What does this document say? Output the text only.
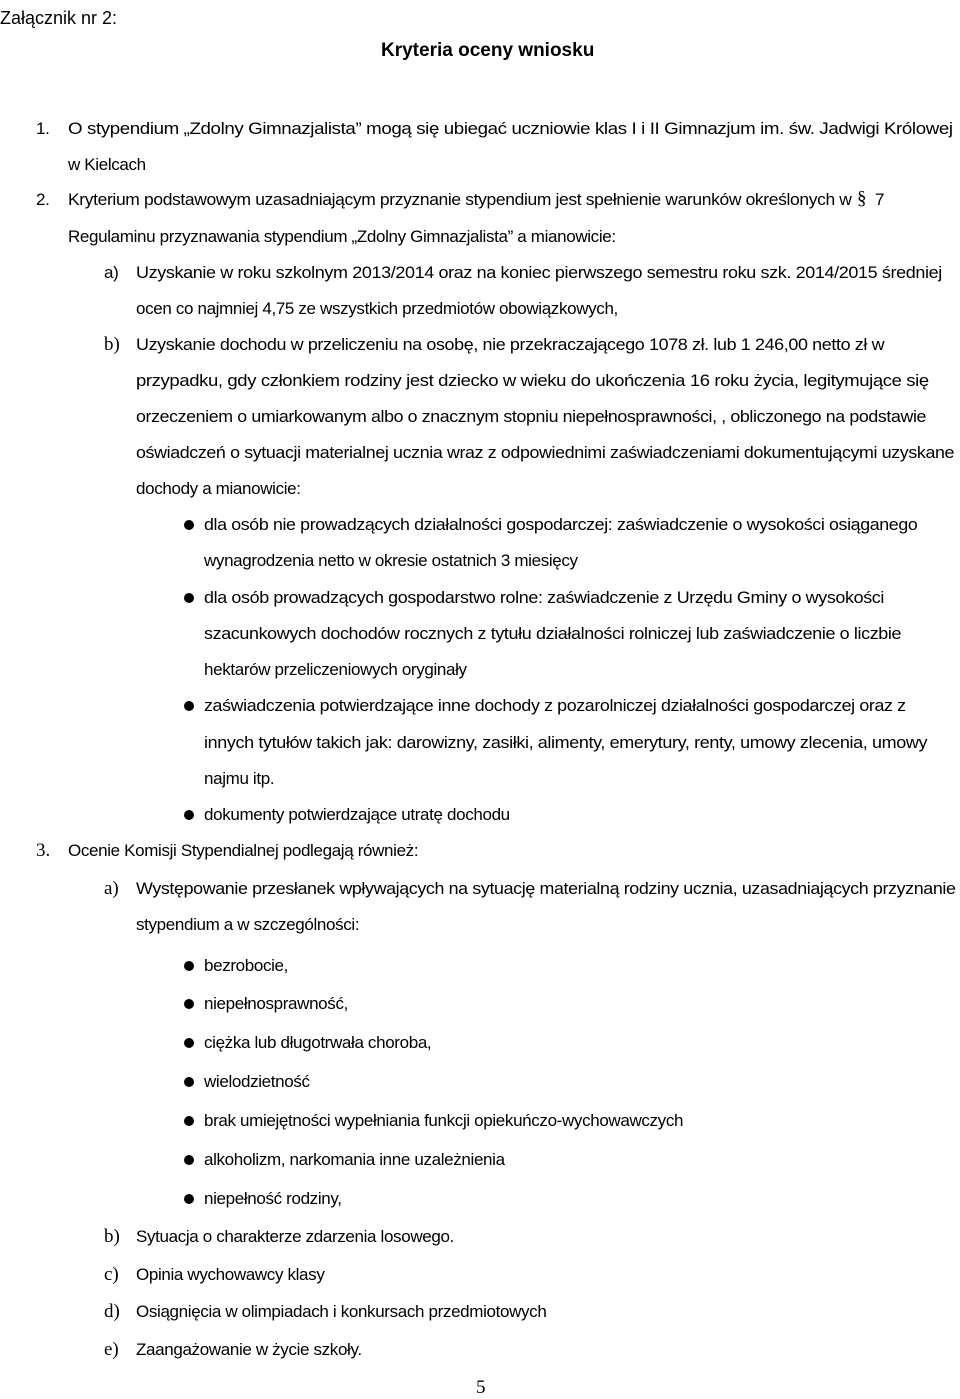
Załącznik nr 2:
Kryteria oceny wniosku
1. O stypendium „Zdolny Gimnazjalista” mogą się ubiegać uczniowie klas I i II Gimnazjum im. św. Jadwigi Królowej
w Kielcach
2. Kryterium podstawowym uzasadniającym przyznanie stypendium jest spełnienie warunków określonych w § 7
Regulaminu przyznawania stypendium „Zdolny Gimnazjalista” a mianowicie:
a) Uzyskanie w roku szkolnym 2013/2014 oraz na koniec pierwszego semestru roku szk. 2014/2015 średniej
ocen co najmniej 4,75 ze wszystkich przedmiotów obowiązkowych,
b) Uzyskanie dochodu w przeliczeniu na osobę, nie przekraczającego 1078 zł. lub 1 246,00 netto zł w
przypadku, gdy członkiem rodziny jest dziecko w wieku do ukończenia 16 roku życia, legitymujące się
orzeczeniem o umiarkowanym albo o znacznym stopniu niepełnosprawności, , obliczonego na podstawie
oświadczeń o sytuacji materialnej ucznia wraz z odpowiednimi zaświadczeniami dokumentującymi uzyskane
dochody a mianowicie:
dla osób nie prowadzących działalności gospodarczej: zaświadczenie o wysokości osiąganego
wynagrodzenia netto w okresie ostatnich 3 miesięcy
dla osób prowadzących gospodarstwo rolne: zaświadczenie z Urzędu Gminy o wysokości
szacunkowych dochodów rocznych z tytułu działalności rolniczej lub zaświadczenie o liczbie
hektarów przeliczeniowych oryginały
zaświadczenia potwierdzające inne dochody z pozarolniczej działalności gospodarczej oraz z
innych tytułów takich jak: darowizny, zasiłki, alimenty, emerytury, renty, umowy zlecenia, umowy
najmu itp.
dokumenty potwierdzające utratę dochodu
3. Ocenie Komisji Stypendialnej podlegają również:
a) Występowanie przesłanek wpływających na sytuację materialną rodziny ucznia, uzasadniających przyznanie
stypendium a w szczególności:
bezrobocie,
niepełnosprawność,
ciężka lub długotrwała choroba,
wielodzietność
brak umiejętności wypełniania funkcji opiekuńczo-wychowawczych
alkoholizm, narkomania inne uzależnienia
niepełność rodziny,
b) Sytuacja o charakterze zdarzenia losowego.
c) Opinia wychowawcy klasy
d) Osiągnięcia w olimpiadach i konkursach przedmiotowych
e) Zaangażowanie w życie szkoły.
5
